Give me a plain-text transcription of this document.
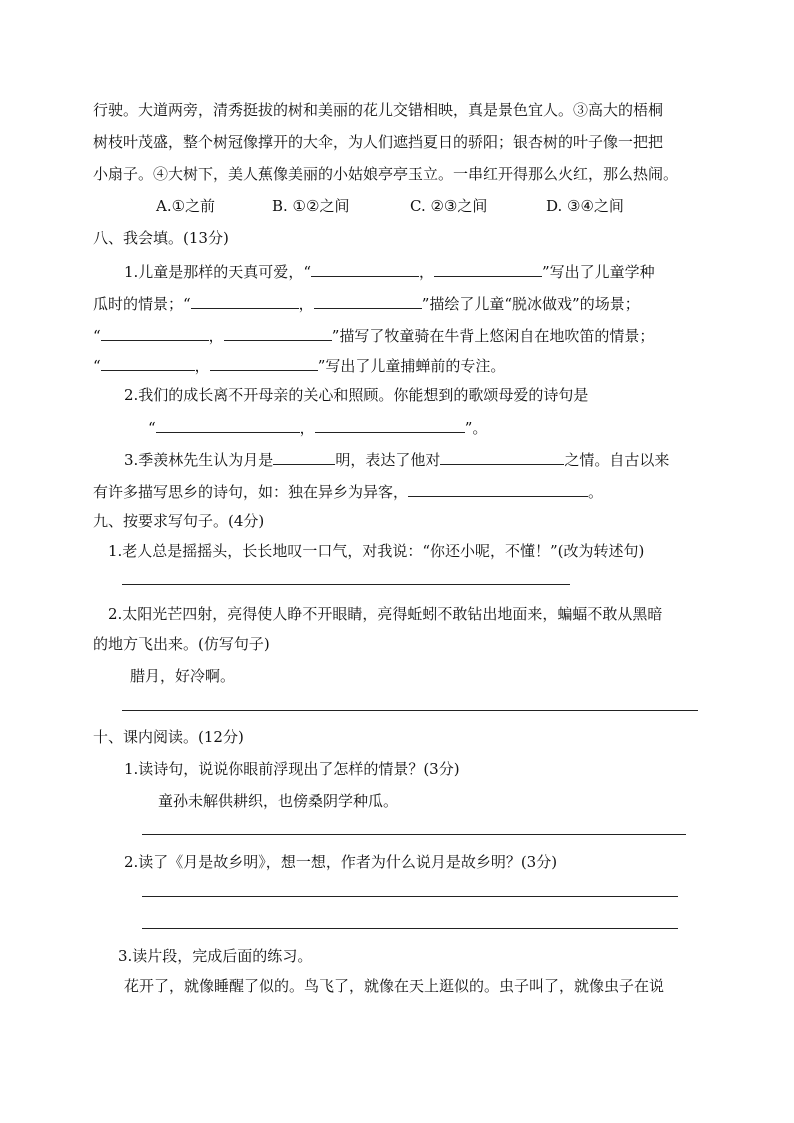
行驶。大道两旁，清秀挺拔的树和美丽的花儿交错相映，真是景色宜人。③高大的梧桐
树枝叶茂盛，整个树冠像撑开的大伞，为人们遮挡夏日的骄阳；银杏树的叶子像一把把
小扇子。④大树下，美人蕉像美丽的小姑娘亭亭玉立。一串红开得那么火红，那么热闹。
A.①之前	B. ①②之间	C. ②③之间	D. ③④之间
八、我会填。(13分)
1.儿童是那样的天真可爱，“	，	”写出了儿童学种
瓜时的情景；“	，	”描绘了儿童“脱冰做戏”的场景；
“	，	”描写了牧童骑在牛背上悠闲自在地吹笛的情景；
“	，	”写出了儿童捕蝉前的专注。
2.我们的成长离不开母亲的关心和照顾。你能想到的歌颂母爱的诗句是
“	，	”。
3.季羡林先生认为月是	明，表达了他对	之情。自古以来
有许多描写思乡的诗句，如：独在异乡为异客，	。
九、按要求写句子。(4分)
1.老人总是摇摇头，长长地叹一口气，对我说：“你还小呢，不懂！”(改为转述句)
2.太阳光芒四射，亮得使人睁不开眼睛，亮得蚯蚓不敢钻出地面来，蝙蝠不敢从黑暗
的地方飞出来。(仿写句子)
腊月，好冷啊。
十、课内阅读。(12分)
1.读诗句，说说你眼前浮现出了怎样的情景？(3分)
童孙未解供耕织，也傍桑阴学种瓜。
2.读了《月是故乡明》，想一想，作者为什么说月是故乡明？(3分)
3.读片段，完成后面的练习。
花开了，就像睡醒了似的。鸟飞了，就像在天上逛似的。虫子叫了，就像虫子在说
